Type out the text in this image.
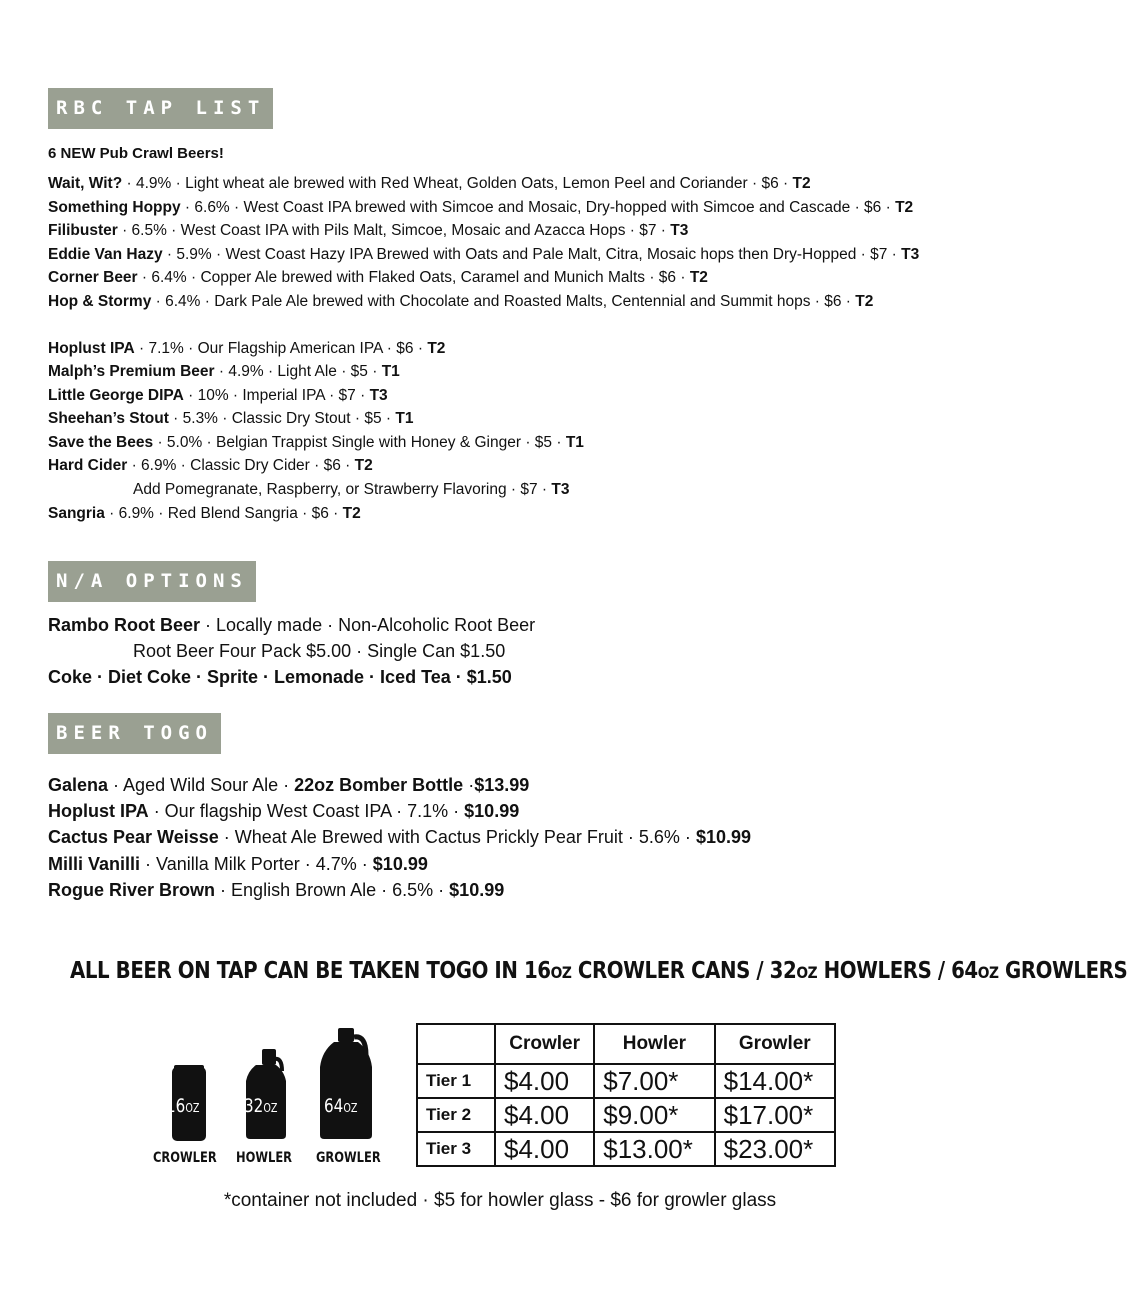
RBC TAP LIST
6 NEW Pub Crawl Beers!
Wait, Wit? · 4.9% · Light wheat ale brewed with Red Wheat, Golden Oats, Lemon Peel and Coriander · $6 · T2
Something Hoppy · 6.6% · West Coast IPA brewed with Simcoe and Mosaic, Dry-hopped with Simcoe and Cascade · $6 · T2
Filibuster · 6.5% · West Coast IPA with Pils Malt, Simcoe, Mosaic and Azacca Hops · $7 · T3
Eddie Van Hazy · 5.9% · West Coast Hazy IPA Brewed with Oats and Pale Malt, Citra, Mosaic hops then Dry-Hopped · $7 · T3
Corner Beer · 6.4% · Copper Ale brewed with Flaked Oats, Caramel and Munich Malts · $6 · T2
Hop & Stormy · 6.4% · Dark Pale Ale brewed with Chocolate and Roasted Malts, Centennial and Summit hops · $6 · T2
Hoplust IPA · 7.1% · Our Flagship American IPA · $6 · T2
Malph’s Premium Beer · 4.9% · Light Ale · $5 · T1
Little George DIPA · 10% · Imperial IPA · $7 · T3
Sheehan’s Stout · 5.3% · Classic Dry Stout · $5 · T1
Save the Bees · 5.0% · Belgian Trappist Single with Honey & Ginger · $5 · T1
Hard Cider · 6.9% · Classic Dry Cider · $6 · T2
Add Pomegranate, Raspberry, or Strawberry Flavoring · $7 · T3
Sangria · 6.9% · Red Blend Sangria · $6 · T2
N/A OPTIONS
Rambo Root Beer · Locally made · Non-Alcoholic Root Beer
Root Beer Four Pack $5.00 · Single Can $1.50
Coke · Diet Coke · Sprite · Lemonade · Iced Tea · $1.50
BEER TOGO
Galena · Aged Wild Sour Ale · 22oz Bomber Bottle ·$13.99
Hoplust IPA · Our flagship West Coast IPA · 7.1% · $10.99
Cactus Pear Weisse · Wheat Ale Brewed with Cactus Prickly Pear Fruit · 5.6% · $10.99
Milli Vanilli · Vanilla Milk Porter · 4.7% · $10.99
Rogue River Brown · English Brown Ale · 6.5% · $10.99
ALL BEER ON TAP CAN BE TAKEN TOGO IN 16OZ CROWLER CANS / 32OZ HOWLERS / 64OZ GROWLERS
16OZ 32OZ 64OZ
CROWLER HOWLER GROWLER
	Crowler	Howler	Growler
Tier 1	$4.00	$7.00*	$14.00*
Tier 2	$4.00	$9.00*	$17.00*
Tier 3	$4.00	$13.00*	$23.00*
*container not included · $5 for howler glass - $6 for growler glass
